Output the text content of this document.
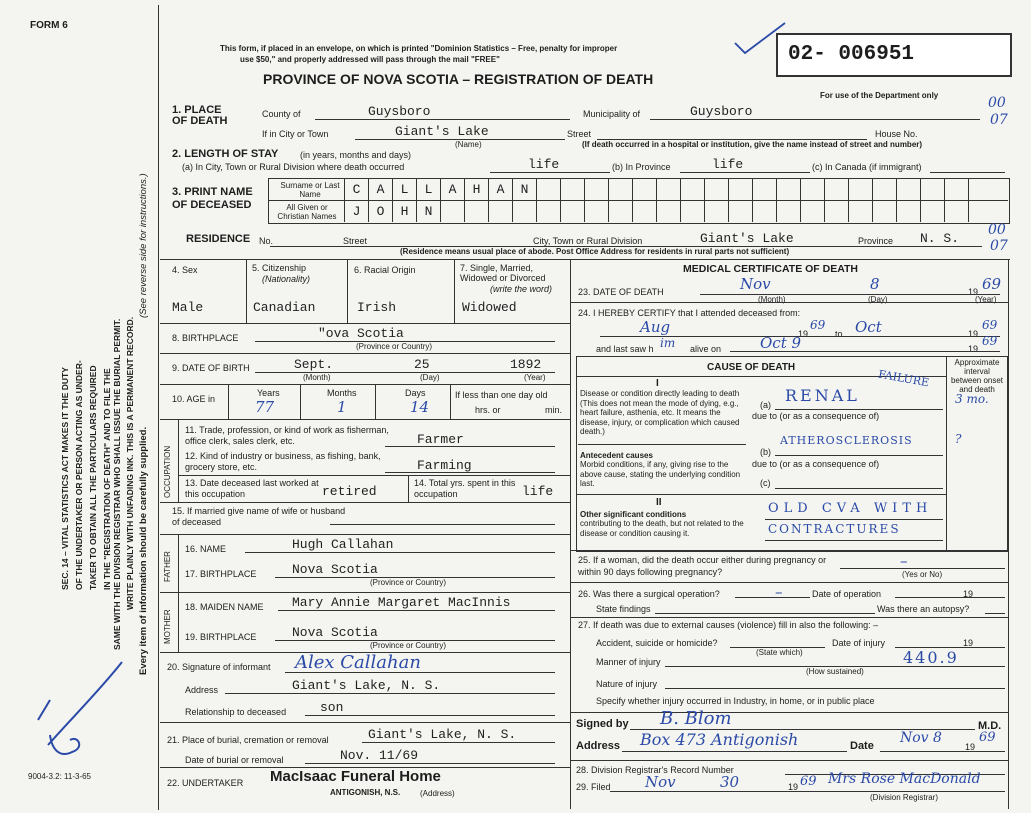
FORM 6
SEC. 14 – VITAL STATISTICS ACT MAKES IT THE DUTY OF THE UNDERTAKER OR PERSON ACTING AS UNDER- TAKER TO OBTAIN ALL THE PARTICULARS REQUIRED IN THE "REGISTRATION OF DEATH" AND TO FILE THE SAME WITH THE DIVISION REGISTRAR WHO SHALL ISSUE THE BURIAL PERMIT. WRITE PLAINLY WITH UNFADING INK. THIS IS A PERMANENT RECORD. Every item of information should be carefully supplied.
(See reverse side for instructions.)
9004-3.2: 11-3-65
This form, if placed in an envelope, on which is printed "Dominion Statistics – Free, penalty for improper
use $50," and properly addressed will pass through the mail "FREE"
PROVINCE OF NOVA SCOTIA – REGISTRATION OF DEATH
02- 006951
For use of the Department only	00
07
1. PLACE OF DEATH
County of	Guysboro	Municipality of	Guysboro
If in City or Town	Giant's Lake
(Name)
Street	House No.
(If death occurred in a hospital or institution, give the name instead of street and number)
2. LENGTH OF STAY (in years, months and days)
(a) In City, Town or Rural Division where death occurred	life	(b) In Province	life	(c) In Canada (if immigrant)
3. PRINT NAME OF DECEASED
Surname or Last Name
All Given or Christian Names
C	A	L	L	A	H	A	N
J	O	H	N
RESIDENCE No.	Street	City, Town or Rural Division	Giant's Lake	Province N. S.
(Residence means usual place of abode. Post Office Address for residents in rural parts not sufficient)
00
07
4. Sex	5. Citizenship
(Nationality)
6. Racial Origin	7. Single, Married, Widowed or Divorced
(write the word)
Male	Canadian	Irish	Widowed
8. BIRTHPLACE	"ova Scotia
(Province or Country)
9. DATE OF BIRTH	Sept.	25	1892
(Month)	(Day)	(Year)
10. AGE in
Years	Months	Days
77	1	14
If less than one day old
hrs. or	min.
OCCUPATION
11. Trade, profession, or kind of work as fisherman, office clerk, sales clerk, etc.	Farmer
12. Kind of industry or business, as fishing, bank, grocery store, etc.	Farming
13. Date deceased last worked at this occupation	retired
14. Total yrs. spent in this occupation	life
15. If married give name of wife or husband of deceased
FATHER
16. NAME	Hugh Callahan
17. BIRTHPLACE	Nova Scotia
(Province or Country)
MOTHER
18. MAIDEN NAME Mary Annie Margaret MacInnis
19. BIRTHPLACE	Nova Scotia
(Province or Country)
20. Signature of informant Alex Callahan
Address	Giant's Lake, N. S.
Relationship to deceased	son
21. Place of burial, cremation or removal	Giant's Lake, N. S.
Date of burial or removal	Nov. 11/69
22. UNDERTAKER MacIsaac Funeral Home
ANTIGONISH, N.S. (Address)
MEDICAL CERTIFICATE OF DEATH
23. DATE OF DEATH	Nov	8	19 69
(Month)	(Day)	(Year)
24. I HEREBY CERTIFY that I attended deceased from:
Aug	19
69
to Oct	19
69
and last saw h im alive on	Oct 9	19
69
CAUSE OF DEATH	Approximate interval between onset and death
I
Disease or condition directly leading to death (This does not mean the mode of dying, e.g., heart failure, asthenia, etc. It means the disease, injury, or complication which caused death.)
(a) RENAL
FAILURE
3 mo.
due to (or as a consequence of)
Antecedent causes
Morbid conditions, if any, giving rise to the above cause, stating the underlying condition last.
(b)
ATHEROSCLEROSIS	?
due to (or as a consequence of)
(c)
II
Other significant conditions
contributing to the death, but not related to the disease or condition causing it.
OLD CVA WITH
CONTRACTURES
25. If a woman, did the death occur either during pregnancy or within 90 days following pregnancy?
–
(Yes or No)
26. Was there a surgical operation?	–	Date of operation	19
State findings	Was there an autopsy?
27. If death was due to external causes (violence) fill in also the following: –
Accident, suicide or homicide?
(State which)
Date of injury	19
Manner of injury	440.9
(How sustained)
Nature of injury
Specify whether injury occurred in Industry, in home, or in public place
Signed by B. Blom	M.D.
Address Box 473 Antigonish	Date Nov 8
19
69
28. Division Registrar's Record Number
29. Filed Nov	30	19 69 Mrs Rose MacDonald
(Division Registrar)
